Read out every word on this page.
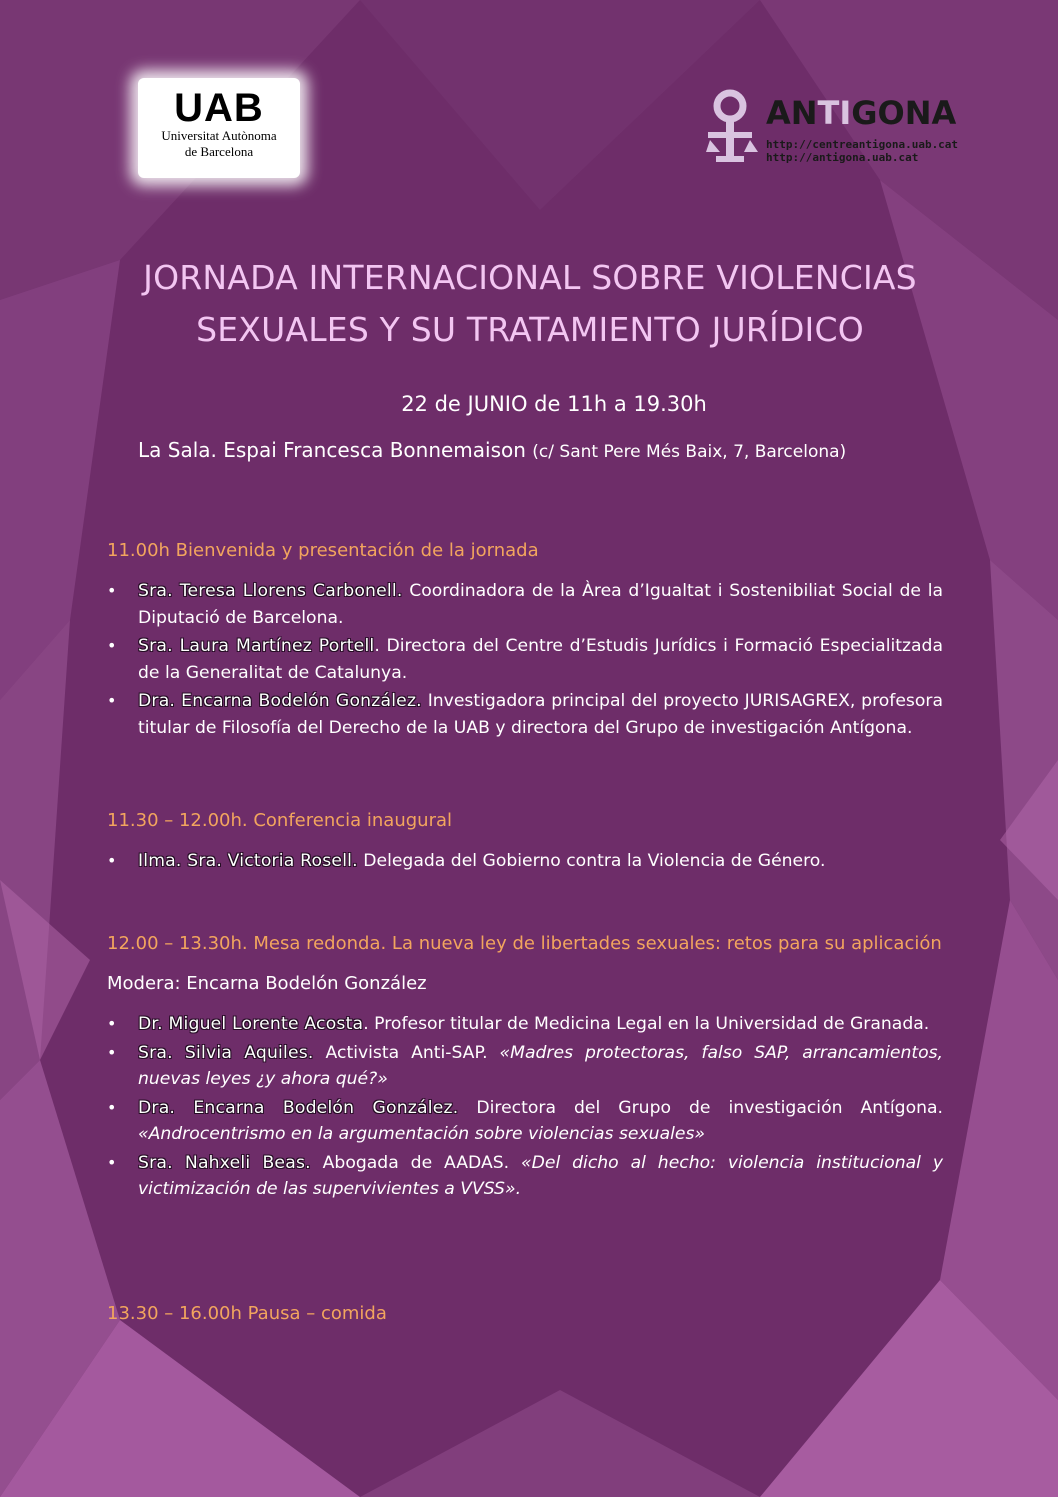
UAB
Universitat Autònoma
de Barcelona
ANTIGONA
http://centreantigona.uab.cat
http://antigona.uab.cat
JORNADA INTERNACIONAL SOBRE VIOLENCIAS
SEXUALES Y SU TRATAMIENTO JURÍDICO
22 de JUNIO de 11h a 19.30h
La Sala. Espai Francesca Bonnemaison (c/ Sant Pere Més Baix, 7, Barcelona)

11.00h Bienvenida y presentación de la jornada

• Sra. Teresa Llorens Carbonell. Coordinadora de la Àrea d’Igualtat i Sostenibiliat Social de la Diputació de Barcelona.
• Sra. Laura Martínez Portell. Directora del Centre d’Estudis Jurídics i Formació Especialitzada de la Generalitat de Catalunya.
• Dra. Encarna Bodelón González. Investigadora principal del proyecto JURISAGREX, profesora titular de Filosofía del Derecho de la UAB y directora del Grupo de investigación Antígona.

11.30 – 12.00h. Conferencia inaugural

• Ilma. Sra. Victoria Rosell. Delegada del Gobierno contra la Violencia de Género.

12.00 – 13.30h. Mesa redonda. La nueva ley de libertades sexuales: retos para su aplicación

Modera: Encarna Bodelón González

• Dr. Miguel Lorente Acosta. Profesor titular de Medicina Legal en la Universidad de Granada.
• Sra. Silvia Aquiles. Activista Anti-SAP. «Madres protectoras, falso SAP, arrancamientos, nuevas leyes ¿y ahora qué?»
• Dra. Encarna Bodelón González. Directora del Grupo de investigación Antígona. «Androcentrismo en la argumentación sobre violencias sexuales»
• Sra. Nahxeli Beas. Abogada de AADAS. «Del dicho al hecho: violencia institucional y victimización de las supervivientes a VVSS».

13.30 – 16.00h Pausa – comida
